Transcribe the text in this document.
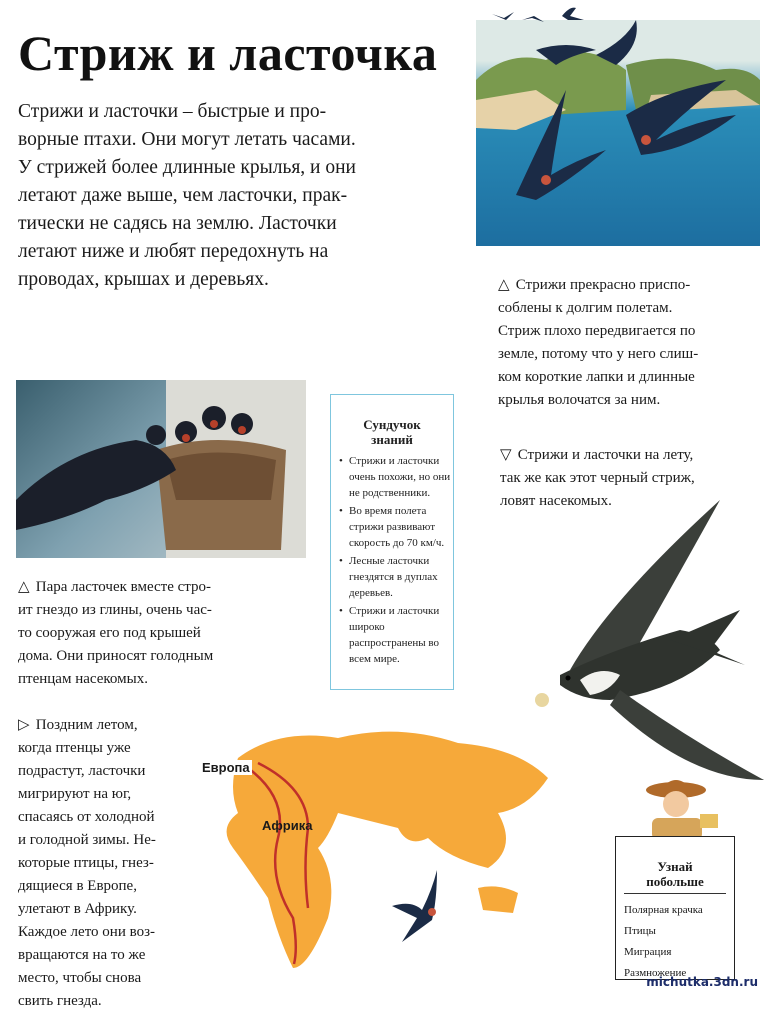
Стриж и ласточка
Стрижи и ласточки – быстрые и про-
ворные птахи. Они могут летать часами.
У стрижей более длинные крылья, и они
летают даже выше, чем ласточки, прак-
тически не садясь на землю. Ласточки
летают ниже и любят передохнуть на
проводах, крышах и деревьях.	△ Стрижи прекрасно приспо-
соблены к долгим полетам.
Стриж плохо передвигается по
земле, потому что у него слиш-
ком короткие лапки и длинные
крылья волочатся за ним.
△ Пара ласточек вместе стро-
ит гнездо из глины, очень час-
то сооружая его под крышей
дома. Они приносят голодным
птенцам насекомых.
Сундучок
знаний
• Стрижи и ласточки очень похожи, но они не родственники.
• Во время полета стрижи развивают скорость до 70 км/ч.
• Лесные ласточки гнездятся в дуплах деревьев.
• Стрижи и ласточки широко распространены во всем мире.
▽ Стрижи и ласточки на лету,
так же как этот черный стриж,
ловят насекомых.
▷ Поздним летом,
когда птенцы уже
подрастут, ласточки
мигрируют на юг,
спасаясь от холодной
и голодной зимы. Не-
которые птицы, гнез-
дящиеся в Европе,
улетают в Африку.
Каждое лето они воз-
вращаются на то же
место, чтобы снова
свить гнезда.
Европа
Африка
Узнай
побольше
Полярная крачка
Птицы
Миграция
Размножение
michutka.3dn.ru
